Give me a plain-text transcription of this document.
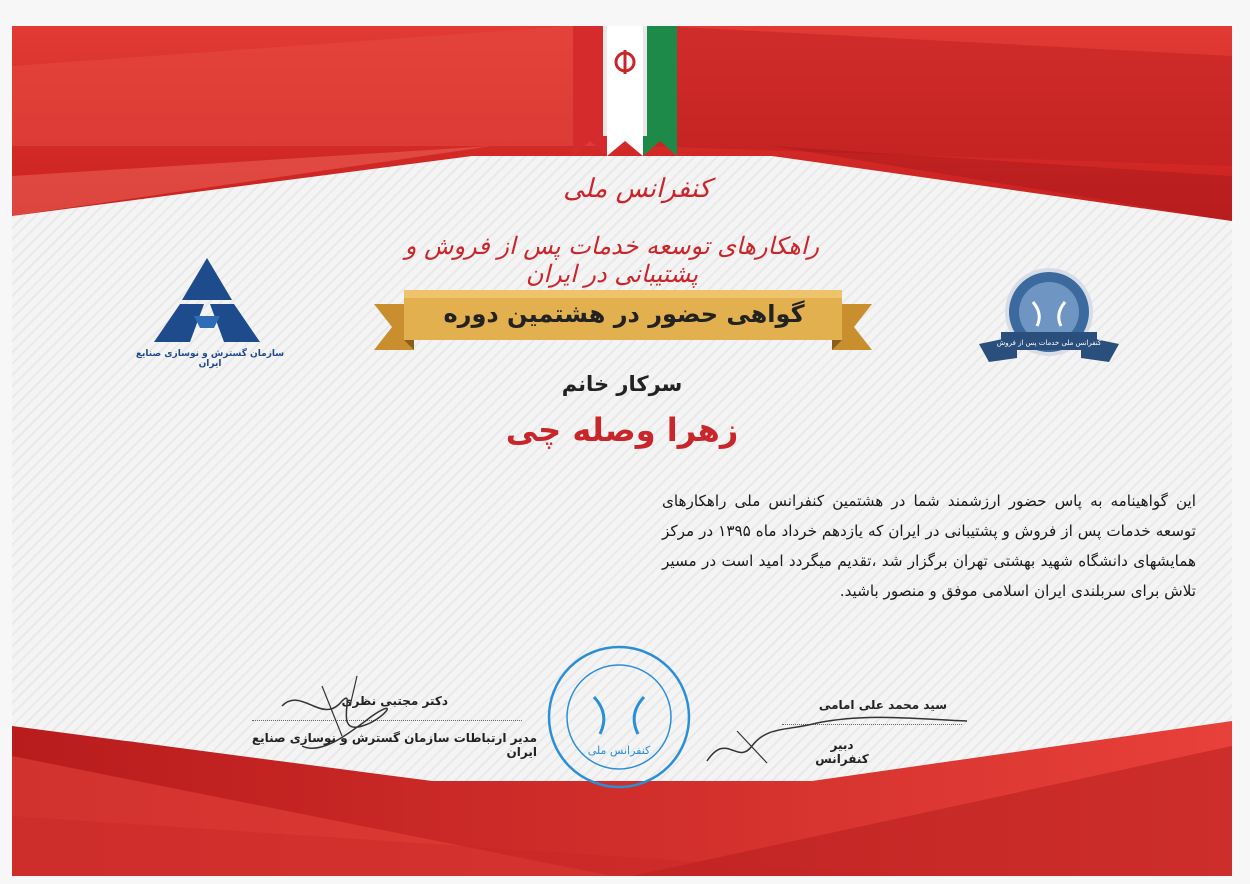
کنفرانس ملی
راهکارهای توسعه خدمات پس از فروش و پشتیبانی در ایران
گواهی حضور در هشتمین دوره
سازمان گسترش و نوسازی صنایع ایران
کنفرانس ملی خدمات پس از فروش
سرکار خانم
زهرا وصله چی
این گواهینامه به پاس حضور ارزشمند شما در هشتمین کنفرانس ملی راهکارهای توسعه خدمات پس از فروش و پشتیبانی در ایران که یازدهم خرداد ماه ۱۳۹۵ در مرکز همایشهای دانشگاه شهید بهشتی تهران برگزار شد ،تقدیم میگردد امید است در مسیر تلاش برای سربلندی ایران اسلامی موفق و منصور باشید.
دکتر مجتبی نظری
مدیر ارتباطات سازمان گسترش و نوسازی صنایع ایران	کنفرانس ملی
سید محمد علی امامی
دبیر کنفرانس
